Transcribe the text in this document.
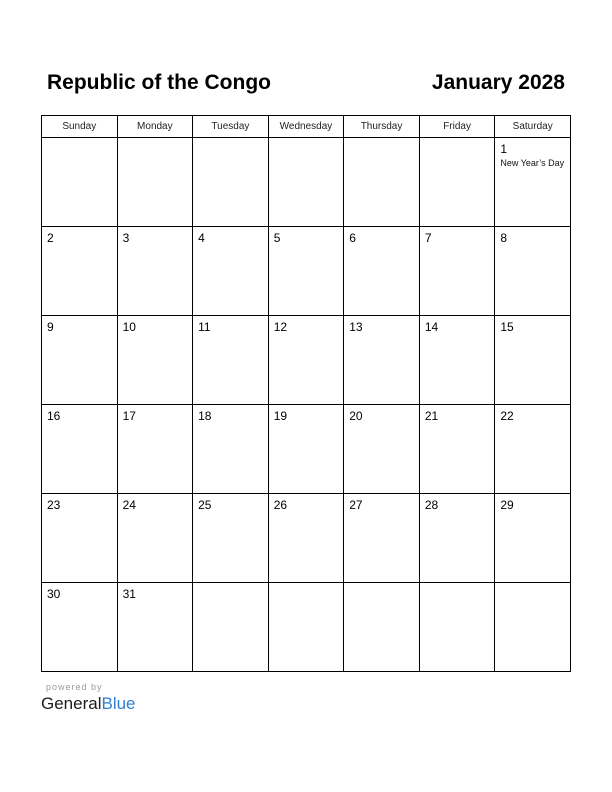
Republic of the Congo	January 2028
Sunday	Monday	Tuesday	Wednesday	Thursday	Friday	Saturday

						1
New Year’s Day

2	3	4	5	6	7	8

9	10	11	12	13	14	15

16	17	18	19	20	21	22

23	24	25	26	27	28	29

30	31					

powered by
GeneralBlue
